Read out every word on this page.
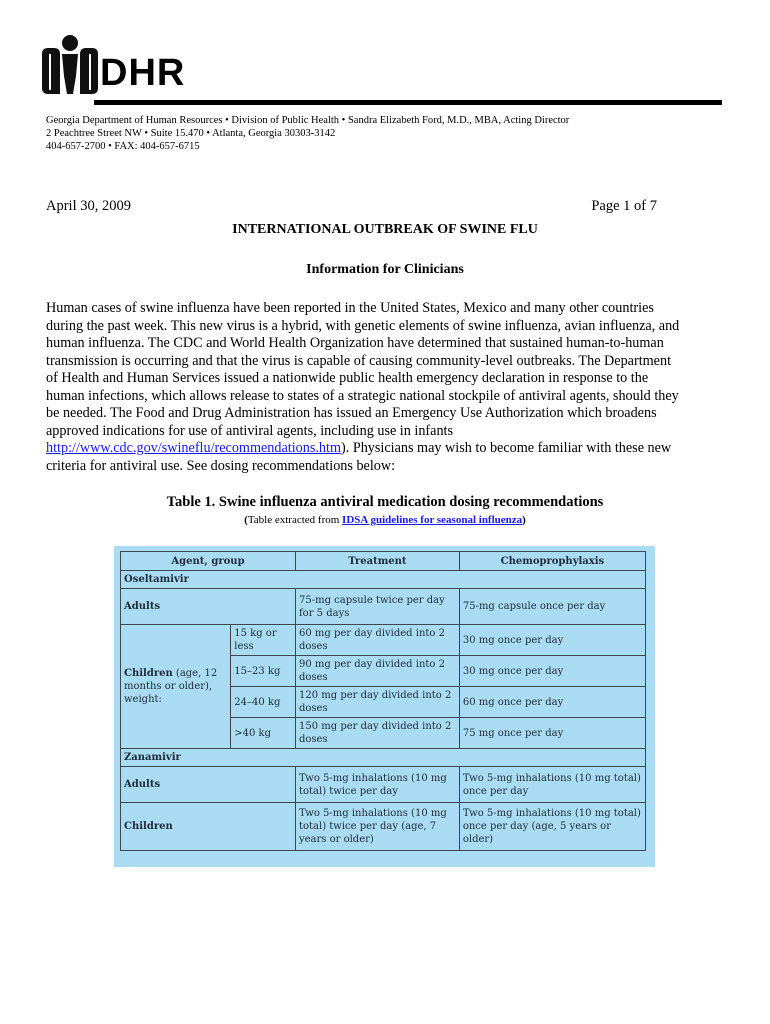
DHR
Georgia Department of Human Resources • Division of Public Health • Sandra Elizabeth Ford, M.D., MBA, Acting Director
2 Peachtree Street NW • Suite 15.470 • Atlanta, Georgia 30303-3142
404-657-2700 • FAX: 404-657-6715
April 30, 2009	Page 1 of 7
INTERNATIONAL OUTBREAK OF SWINE FLU
Information for Clinicians
Human cases of swine influenza have been reported in the United States, Mexico and many other countries
during the past week. This new virus is a hybrid, with genetic elements of swine influenza, avian influenza, and
human influenza. The CDC and World Health Organization have determined that sustained human-to-human
transmission is occurring and that the virus is capable of causing community-level outbreaks. The Department
of Health and Human Services issued a nationwide public health emergency declaration in response to the
human infections, which allows release to states of a strategic national stockpile of antiviral agents, should they
be needed. The Food and Drug Administration has issued an Emergency Use Authorization which broadens
approved indications for use of antiviral agents, including use in infants
http://www.cdc.gov/swineflu/recommendations.htm). Physicians may wish to become familiar with these new
criteria for antiviral use. See dosing recommendations below:
Table 1. Swine influenza antiviral medication dosing recommendations
(Table extracted from IDSA guidelines for seasonal influenza)
Agent, group		Treatment	Chemoprophylaxis
Oseltamivir			
Adults		75-mg capsule twice per day for 5 days	75-mg capsule once per day
Children (age, 12 months or older), weight:	15 kg or less	60 mg per day divided into 2 doses	30 mg once per day
	15–23 kg	90 mg per day divided into 2 doses	30 mg once per day
	24–40 kg	120 mg per day divided into 2 doses	60 mg once per day
	>40 kg	150 mg per day divided into 2 doses	75 mg once per day
Zanamivir			
Adults		Two 5-mg inhalations (10 mg total) twice per day	Two 5-mg inhalations (10 mg total) once per day
Children		Two 5-mg inhalations (10 mg total) twice per day (age, 7 years or older)	Two 5-mg inhalations (10 mg total) once per day (age, 5 years or older)
